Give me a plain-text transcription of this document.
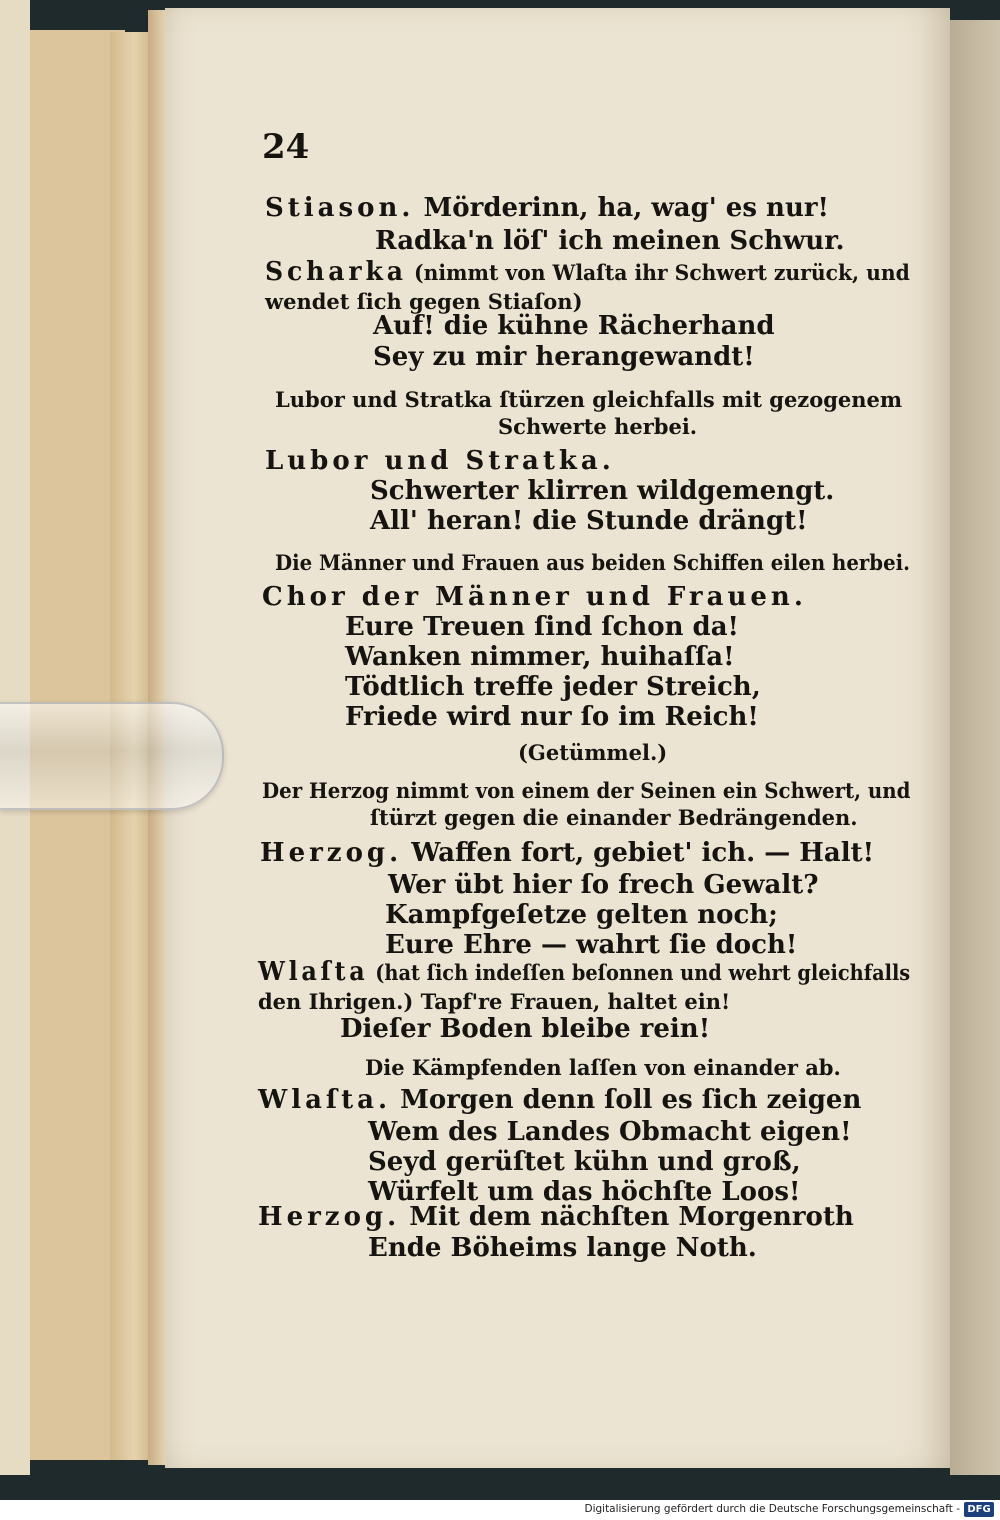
24
Stiason. Mörderinn, ha, wag' es nur!
Radka'n löſ' ich meinen Schwur.
Scharka (nimmt von Wlaſta ihr Schwert zurück, und
wendet ſich gegen Stiaſon)
Auf! die kühne Rächerhand
Sey zu mir herangewandt!
Lubor und Stratka ſtürzen gleichfalls mit gezogenem
Schwerte herbei.
Lubor und Stratka.
Schwerter klirren wildgemengt.
All' heran! die Stunde drängt!
Die Männer und Frauen aus beiden Schiffen eilen herbei.
Chor der Männer und Frauen.
Eure Treuen ſind ſchon da!
Wanken nimmer, huihaſſa!
Tödtlich treffe jeder Streich,
Friede wird nur ſo im Reich!
(Getümmel.)
Der Herzog nimmt von einem der Seinen ein Schwert, und
ſtürzt gegen die einander Bedrängenden.
Herzog. Waffen fort, gebiet' ich. — Halt!
Wer übt hier ſo frech Gewalt?
Kampfgeſetze gelten noch;
Eure Ehre — wahrt ſie doch!
Wlaſta (hat ſich indeſſen beſonnen und wehrt gleichfalls
den Ihrigen.) Tapf're Frauen, haltet ein!
Dieſer Boden bleibe rein!
Die Kämpfenden laſſen von einander ab.
Wlaſta. Morgen denn ſoll es ſich zeigen
Wem des Landes Obmacht eigen!
Seyd gerüſtet kühn und groß,
Würfelt um das höchſte Loos!
Herzog. Mit dem nächſten Morgenroth
Ende Böheims lange Noth.
Digitalisierung gefördert durch die Deutsche Forschungsgemeinschaft - DFG
